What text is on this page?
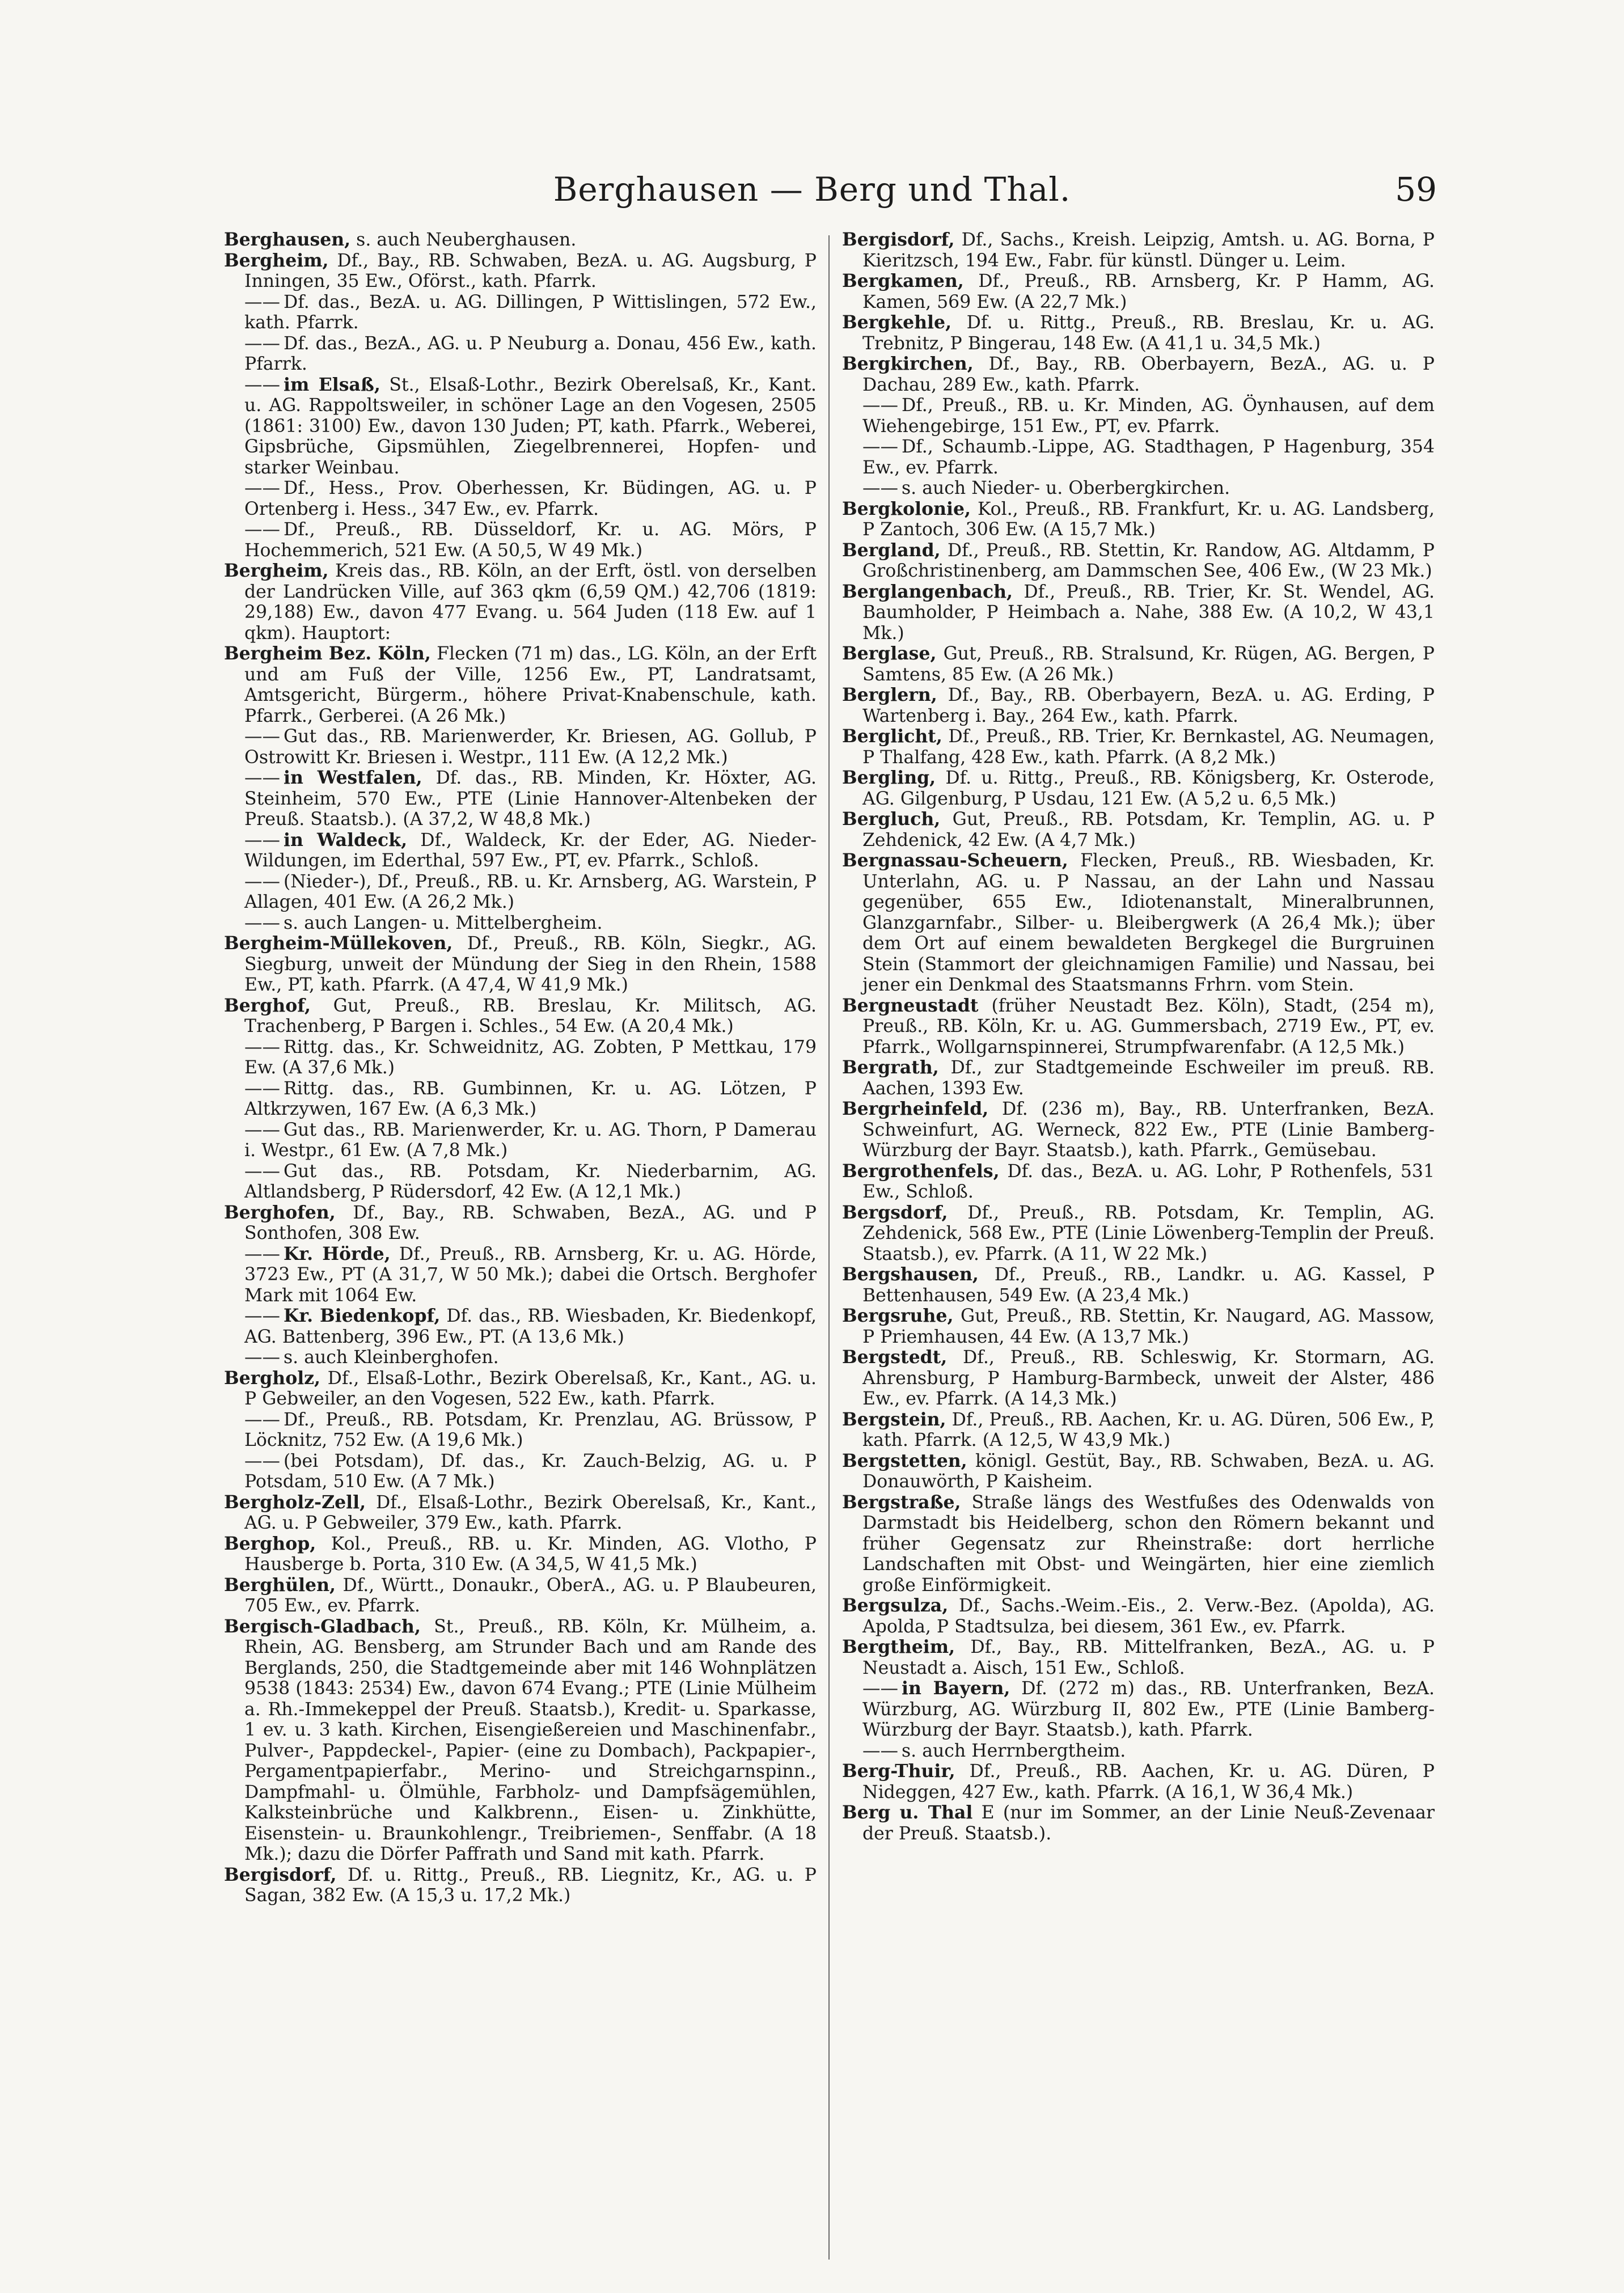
Berghausen — Berg und Thal.	59

Berghausen, s. auch Neuberghausen.

Bergheim, Df., Bay., RB. Schwaben, BezA. u. AG. Augsburg, P Inningen, 35 Ew., Oförst., kath. Pfarrk.

—— Df. das., BezA. u. AG. Dillingen, P Wittislingen, 572 Ew., kath. Pfarrk.

—— Df. das., BezA., AG. u. P Neuburg a. Donau, 456 Ew., kath. Pfarrk.

—— im Elsaß, St., Elsaß-Lothr., Bezirk Oberelsaß, Kr., Kant. u. AG. Rappoltsweiler, in schöner Lage an den Vogesen, 2505 (1861: 3100) Ew., davon 130 Juden; PT, kath. Pfarrk., Weberei, Gipsbrüche, Gipsmühlen, Ziegelbrennerei, Hopfen- und starker Weinbau.

—— Df., Hess., Prov. Oberhessen, Kr. Büdingen, AG. u. P Ortenberg i. Hess., 347 Ew., ev. Pfarrk.

—— Df., Preuß., RB. Düsseldorf, Kr. u. AG. Mörs, P Hochemmerich, 521 Ew. (A 50,5, W 49 Mk.)

Bergheim, Kreis das., RB. Köln, an der Erft, östl. von derselben der Landrücken Ville, auf 363 qkm (6,59 QM.) 42,706 (1819: 29,188) Ew., davon 477 Evang. u. 564 Juden (118 Ew. auf 1 qkm). Hauptort:

Bergheim Bez. Köln, Flecken (71 m) das., LG. Köln, an der Erft und am Fuß der Ville, 1256 Ew., PT, Landratsamt, Amtsgericht, Bürgerm., höhere Privat-Knabenschule, kath. Pfarrk., Gerberei. (A 26 Mk.)

—— Gut das., RB. Marienwerder, Kr. Briesen, AG. Gollub, P Ostrowitt Kr. Briesen i. Westpr., 111 Ew. (A 12,2 Mk.)

—— in Westfalen, Df. das., RB. Minden, Kr. Höxter, AG. Steinheim, 570 Ew., PTE (Linie Hannover-Altenbeken der Preuß. Staatsb.). (A 37,2, W 48,8 Mk.)

—— in Waldeck, Df., Waldeck, Kr. der Eder, AG. Nieder-Wildungen, im Ederthal, 597 Ew., PT, ev. Pfarrk., Schloß.

—— (Nieder-), Df., Preuß., RB. u. Kr. Arnsberg, AG. Warstein, P Allagen, 401 Ew. (A 26,2 Mk.)

—— s. auch Langen- u. Mittelbergheim.

Bergheim-Müllekoven, Df., Preuß., RB. Köln, Siegkr., AG. Siegburg, unweit der Mündung der Sieg in den Rhein, 1588 Ew., PT, kath. Pfarrk. (A 47,4, W 41,9 Mk.)

Berghof, Gut, Preuß., RB. Breslau, Kr. Militsch, AG. Trachenberg, P Bargen i. Schles., 54 Ew. (A 20,4 Mk.)

—— Rittg. das., Kr. Schweidnitz, AG. Zobten, P Mettkau, 179 Ew. (A 37,6 Mk.)

—— Rittg. das., RB. Gumbinnen, Kr. u. AG. Lötzen, P Altkrzywen, 167 Ew. (A 6,3 Mk.)

—— Gut das., RB. Marienwerder, Kr. u. AG. Thorn, P Damerau i. Westpr., 61 Ew. (A 7,8 Mk.)

—— Gut das., RB. Potsdam, Kr. Niederbarnim, AG. Altlandsberg, P Rüdersdorf, 42 Ew. (A 12,1 Mk.)

Berghofen, Df., Bay., RB. Schwaben, BezA., AG. und P Sonthofen, 308 Ew.

—— Kr. Hörde, Df., Preuß., RB. Arnsberg, Kr. u. AG. Hörde, 3723 Ew., PT (A 31,7, W 50 Mk.); dabei die Ortsch. Berghofer Mark mit 1064 Ew.

—— Kr. Biedenkopf, Df. das., RB. Wiesbaden, Kr. Biedenkopf, AG. Battenberg, 396 Ew., PT. (A 13,6 Mk.)

—— s. auch Kleinberghofen.

Bergholz, Df., Elsaß-Lothr., Bezirk Oberelsaß, Kr., Kant., AG. u. P Gebweiler, an den Vogesen, 522 Ew., kath. Pfarrk.

—— Df., Preuß., RB. Potsdam, Kr. Prenzlau, AG. Brüssow, P Löcknitz, 752 Ew. (A 19,6 Mk.)

—— (bei Potsdam), Df. das., Kr. Zauch-Belzig, AG. u. P Potsdam, 510 Ew. (A 7 Mk.)

Bergholz-Zell, Df., Elsaß-Lothr., Bezirk Oberelsaß, Kr., Kant., AG. u. P Gebweiler, 379 Ew., kath. Pfarrk.

Berghop, Kol., Preuß., RB. u. Kr. Minden, AG. Vlotho, P Hausberge b. Porta, 310 Ew. (A 34,5, W 41,5 Mk.)

Berghülen, Df., Württ., Donaukr., OberA., AG. u. P Blaubeuren, 705 Ew., ev. Pfarrk.

Bergisch-Gladbach, St., Preuß., RB. Köln, Kr. Mülheim, a. Rhein, AG. Bensberg, am Strunder Bach und am Rande des Berglands, 250, die Stadtgemeinde aber mit 146 Wohnplätzen 9538 (1843: 2534) Ew., davon 674 Evang.; PTE (Linie Mülheim a. Rh.-Immekeppel der Preuß. Staatsb.), Kredit- u. Sparkasse, 1 ev. u. 3 kath. Kirchen, Eisengießereien und Maschinenfabr., Pulver-, Pappdeckel-, Papier- (eine zu Dombach), Packpapier-, Pergamentpapierfabr., Merino- und Streichgarnspinn., Dampfmahl- u. Ölmühle, Farbholz- und Dampfsägemühlen, Kalksteinbrüche und Kalkbrenn., Eisen- u. Zinkhütte, Eisenstein- u. Braunkohlengr., Treibriemen-, Senffabr. (A 18 Mk.); dazu die Dörfer Paffrath und Sand mit kath. Pfarrk.

Bergisdorf, Df. u. Rittg., Preuß., RB. Liegnitz, Kr., AG. u. P Sagan, 382 Ew. (A 15,3 u. 17,2 Mk.)

Bergisdorf, Df., Sachs., Kreish. Leipzig, Amtsh. u. AG. Borna, P Kieritzsch, 194 Ew., Fabr. für künstl. Dünger u. Leim.

Bergkamen, Df., Preuß., RB. Arnsberg, Kr. P Hamm, AG. Kamen, 569 Ew. (A 22,7 Mk.)

Bergkehle, Df. u. Rittg., Preuß., RB. Breslau, Kr. u. AG. Trebnitz, P Bingerau, 148 Ew. (A 41,1 u. 34,5 Mk.)

Bergkirchen, Df., Bay., RB. Oberbayern, BezA., AG. u. P Dachau, 289 Ew., kath. Pfarrk.

—— Df., Preuß., RB. u. Kr. Minden, AG. Öynhausen, auf dem Wiehengebirge, 151 Ew., PT, ev. Pfarrk.

—— Df., Schaumb.-Lippe, AG. Stadthagen, P Hagenburg, 354 Ew., ev. Pfarrk.

—— s. auch Nieder- u. Oberbergkirchen.

Bergkolonie, Kol., Preuß., RB. Frankfurt, Kr. u. AG. Landsberg, P Zantoch, 306 Ew. (A 15,7 Mk.)

Bergland, Df., Preuß., RB. Stettin, Kr. Randow, AG. Altdamm, P Großchristinenberg, am Dammschen See, 406 Ew., (W 23 Mk.)

Berglangenbach, Df., Preuß., RB. Trier, Kr. St. Wendel, AG. Baumholder, P Heimbach a. Nahe, 388 Ew. (A 10,2, W 43,1 Mk.)

Berglase, Gut, Preuß., RB. Stralsund, Kr. Rügen, AG. Bergen, P Samtens, 85 Ew. (A 26 Mk.)

Berglern, Df., Bay., RB. Oberbayern, BezA. u. AG. Erding, P Wartenberg i. Bay., 264 Ew., kath. Pfarrk.

Berglicht, Df., Preuß., RB. Trier, Kr. Bernkastel, AG. Neumagen, P Thalfang, 428 Ew., kath. Pfarrk. (A 8,2 Mk.)

Bergling, Df. u. Rittg., Preuß., RB. Königsberg, Kr. Osterode, AG. Gilgenburg, P Usdau, 121 Ew. (A 5,2 u. 6,5 Mk.)

Bergluch, Gut, Preuß., RB. Potsdam, Kr. Templin, AG. u. P Zehdenick, 42 Ew. (A 4,7 Mk.)

Bergnassau-Scheuern, Flecken, Preuß., RB. Wiesbaden, Kr. Unterlahn, AG. u. P Nassau, an der Lahn und Nassau gegenüber, 655 Ew., Idiotenanstalt, Mineralbrunnen, Glanzgarnfabr., Silber- u. Bleibergwerk (A 26,4 Mk.); über dem Ort auf einem bewaldeten Bergkegel die Burgruinen Stein (Stammort der gleichnamigen Familie) und Nassau, bei jener ein Denkmal des Staatsmanns Frhrn. vom Stein.

Bergneustadt (früher Neustadt Bez. Köln), Stadt, (254 m), Preuß., RB. Köln, Kr. u. AG. Gummersbach, 2719 Ew., PT, ev. Pfarrk., Wollgarnspinnerei, Strumpfwarenfabr. (A 12,5 Mk.)

Bergrath, Df., zur Stadtgemeinde Eschweiler im preuß. RB. Aachen, 1393 Ew.

Bergrheinfeld, Df. (236 m), Bay., RB. Unterfranken, BezA. Schweinfurt, AG. Werneck, 822 Ew., PTE (Linie Bamberg-Würzburg der Bayr. Staatsb.), kath. Pfarrk., Gemüsebau.

Bergrothenfels, Df. das., BezA. u. AG. Lohr, P Rothenfels, 531 Ew., Schloß.

Bergsdorf, Df., Preuß., RB. Potsdam, Kr. Templin, AG. Zehdenick, 568 Ew., PTE (Linie Löwenberg-Templin der Preuß. Staatsb.), ev. Pfarrk. (A 11, W 22 Mk.)

Bergshausen, Df., Preuß., RB., Landkr. u. AG. Kassel, P Bettenhausen, 549 Ew. (A 23,4 Mk.)

Bergsruhe, Gut, Preuß., RB. Stettin, Kr. Naugard, AG. Massow, P Priemhausen, 44 Ew. (A 13,7 Mk.)

Bergstedt, Df., Preuß., RB. Schleswig, Kr. Stormarn, AG. Ahrensburg, P Hamburg-Barmbeck, unweit der Alster, 486 Ew., ev. Pfarrk. (A 14,3 Mk.)

Bergstein, Df., Preuß., RB. Aachen, Kr. u. AG. Düren, 506 Ew., P, kath. Pfarrk. (A 12,5, W 43,9 Mk.)

Bergstetten, königl. Gestüt, Bay., RB. Schwaben, BezA. u. AG. Donauwörth, P Kaisheim.

Bergstraße, Straße längs des Westfußes des Odenwalds von Darmstadt bis Heidelberg, schon den Römern bekannt und früher Gegensatz zur Rheinstraße: dort herrliche Landschaften mit Obst- und Weingärten, hier eine ziemlich große Einförmigkeit.

Bergsulza, Df., Sachs.-Weim.-Eis., 2. Verw.-Bez. (Apolda), AG. Apolda, P Stadtsulza, bei diesem, 361 Ew., ev. Pfarrk.

Bergtheim, Df., Bay., RB. Mittelfranken, BezA., AG. u. P Neustadt a. Aisch, 151 Ew., Schloß.

—— in Bayern, Df. (272 m) das., RB. Unterfranken, BezA. Würzburg, AG. Würzburg II, 802 Ew., PTE (Linie Bamberg-Würzburg der Bayr. Staatsb.), kath. Pfarrk.

—— s. auch Herrnbergtheim.

Berg-Thuir, Df., Preuß., RB. Aachen, Kr. u. AG. Düren, P Nideggen, 427 Ew., kath. Pfarrk. (A 16,1, W 36,4 Mk.)

Berg u. Thal E (nur im Sommer, an der Linie Neuß-Zevenaar der Preuß. Staatsb.).
